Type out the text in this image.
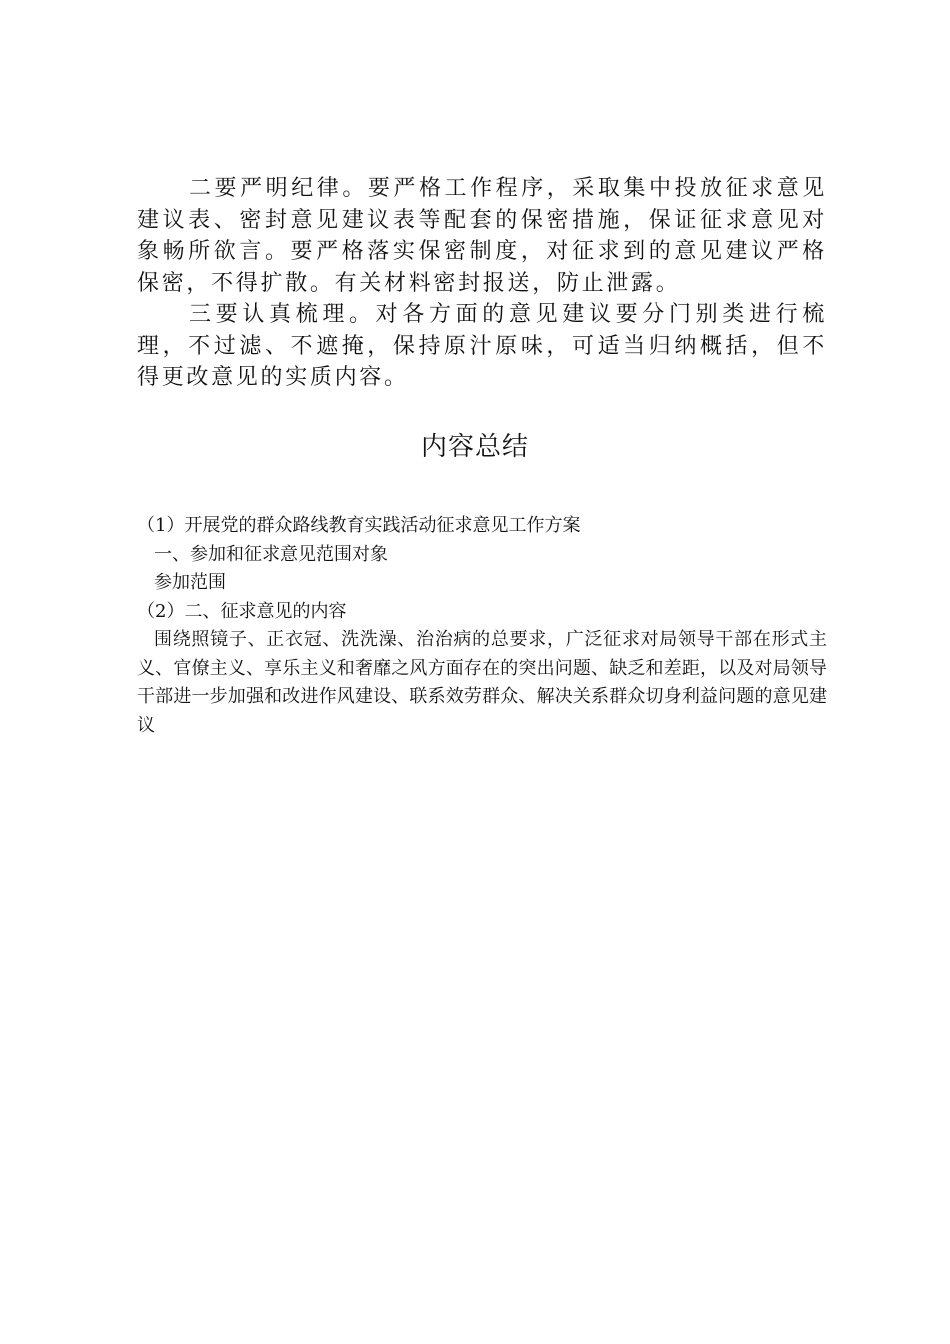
二要严明纪律。要严格工作程序，采取集中投放征求意见建议表、密封意见建议表等配套的保密措施，保证征求意见对象畅所欲言。要严格落实保密制度，对征求到的意见建议严格保密，不得扩散。有关材料密封报送，防止泄露。

三要认真梳理。对各方面的意见建议要分门别类进行梳理，不过滤、不遮掩，保持原汁原味，可适当归纳概括，但不得更改意见的实质内容。

内容总结

（1）开展党的群众路线教育实践活动征求意见工作方案

一、参加和征求意见范围对象

参加范围

（2）二、征求意见的内容

围绕照镜子、正衣冠、洗洗澡、治治病的总要求，广泛征求对局领导干部在形式主义、官僚主义、享乐主义和奢靡之风方面存在的突出问题、缺乏和差距，以及对局领导干部进一步加强和改进作风建设、联系效劳群众、解决关系群众切身利益问题的意见建议
